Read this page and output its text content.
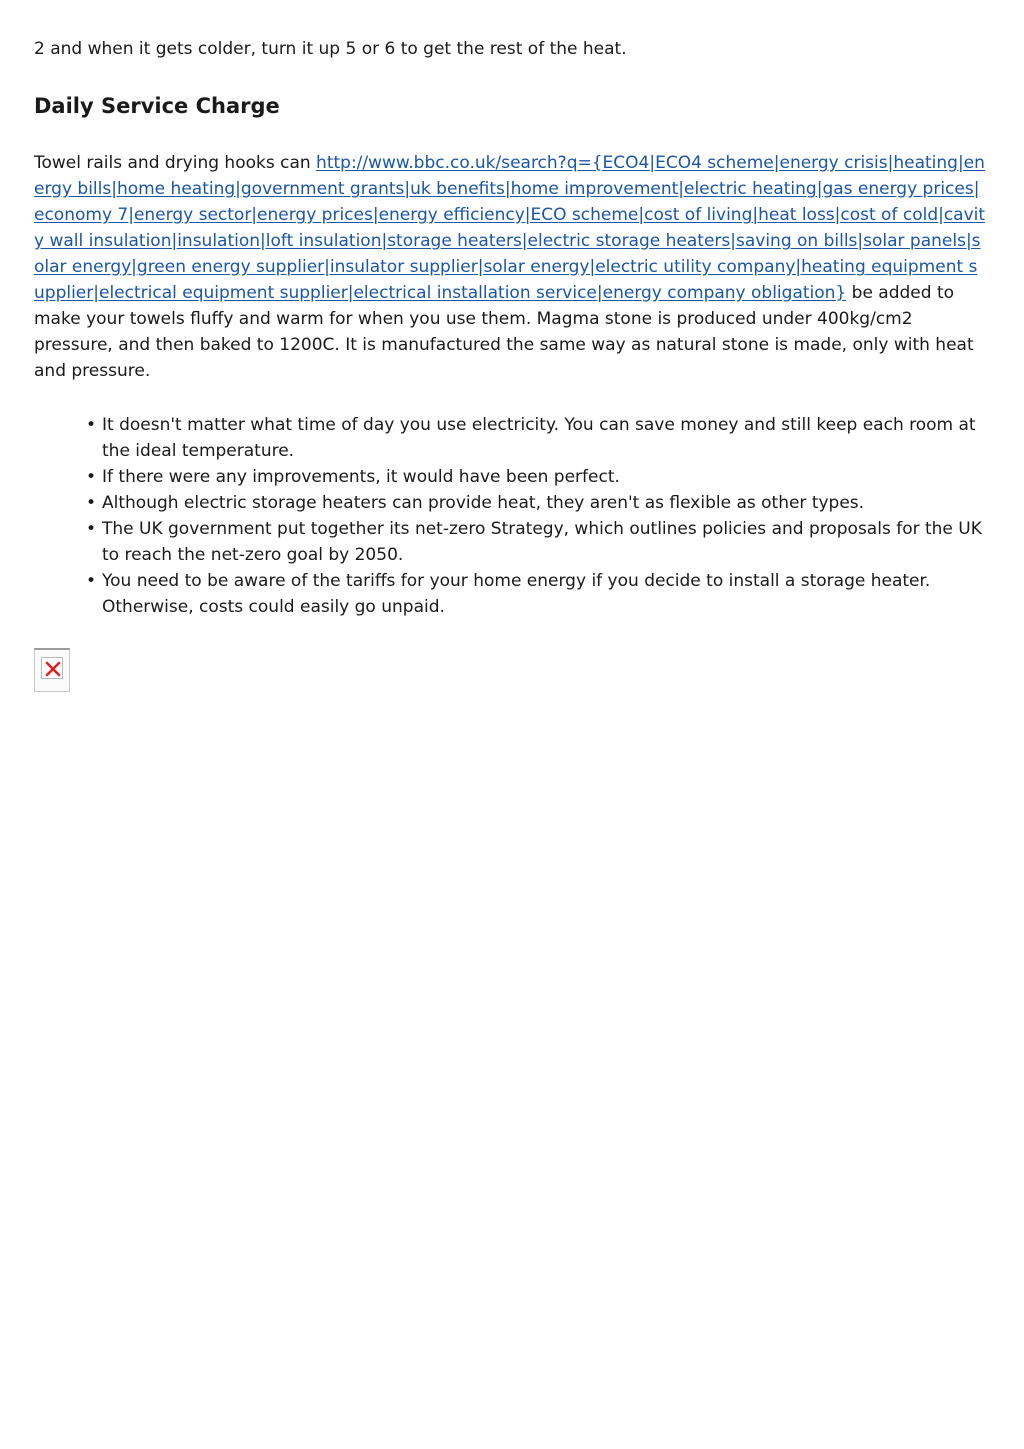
2 and when it gets colder, turn it up 5 or 6 to get the rest of the heat.

Daily Service Charge

Towel rails and drying hooks can http://www.bbc.co.uk/search?q={ECO4|ECO4 scheme|energy crisis|heating|energy bills|home heating|government grants|uk benefits|home improvement|electric heating|gas energy prices|economy 7|energy sector|energy prices|energy efficiency|ECO scheme|cost of living|heat loss|cost of cold|cavity wall insulation|insulation|loft insulation|storage heaters|electric storage heaters|saving on bills|solar panels|solar energy|green energy supplier|insulator supplier|solar energy|electric utility company|heating equipment supplier|electrical equipment supplier|electrical installation service|energy company obligation} be added to make your towels fluffy and warm for when you use them. Magma stone is produced under 400kg/cm2 pressure, and then baked to 1200C. It is manufactured the same way as natural stone is made, only with heat and pressure.

• It doesn't matter what time of day you use electricity. You can save money and still keep each room at the ideal temperature.
• If there were any improvements, it would have been perfect.
• Although electric storage heaters can provide heat, they aren't as flexible as other types.
• The UK government put together its net-zero Strategy, which outlines policies and proposals for the UK to reach the net-zero goal by 2050.
• You need to be aware of the tariffs for your home energy if you decide to install a storage heater. Otherwise, costs could easily go unpaid.
